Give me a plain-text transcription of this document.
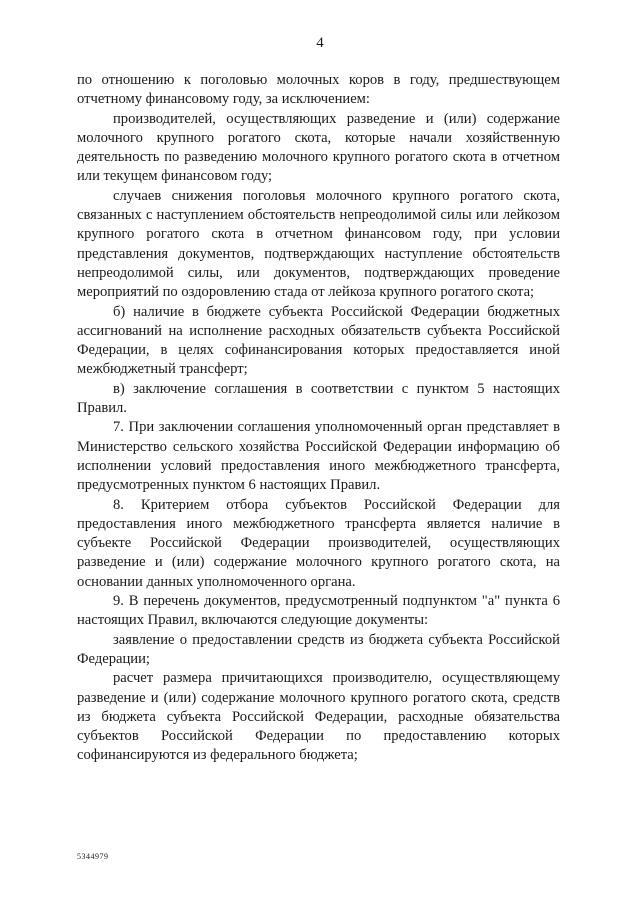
4

по отношению к поголовью молочных коров в году, предшествующем отчетному финансовому году, за исключением:

производителей, осуществляющих разведение и (или) содержание молочного крупного рогатого скота, которые начали хозяйственную деятельность по разведению молочного крупного рогатого скота в отчетном или текущем финансовом году;

случаев снижения поголовья молочного крупного рогатого скота, связанных с наступлением обстоятельств непреодолимой силы или лейкозом крупного рогатого скота в отчетном финансовом году, при условии представления документов, подтверждающих наступление обстоятельств непреодолимой силы, или документов, подтверждающих проведение мероприятий по оздоровлению стада от лейкоза крупного рогатого скота;

б) наличие в бюджете субъекта Российской Федерации бюджетных ассигнований на исполнение расходных обязательств субъекта Российской Федерации, в целях софинансирования которых предоставляется иной межбюджетный трансферт;

в) заключение соглашения в соответствии с пунктом 5 настоящих Правил.

7. При заключении соглашения уполномоченный орган представляет в Министерство сельского хозяйства Российской Федерации информацию об исполнении условий предоставления иного межбюджетного трансферта, предусмотренных пунктом 6 настоящих Правил.

8. Критерием отбора субъектов Российской Федерации для предоставления иного межбюджетного трансферта является наличие в субъекте Российской Федерации производителей, осуществляющих разведение и (или) содержание молочного крупного рогатого скота, на основании данных уполномоченного органа.

9. В перечень документов, предусмотренный подпунктом "а" пункта 6 настоящих Правил, включаются следующие документы:

заявление о предоставлении средств из бюджета субъекта Российской Федерации;

расчет размера причитающихся производителю, осуществляющему разведение и (или) содержание молочного крупного рогатого скота, средств из бюджета субъекта Российской Федерации, расходные обязательства субъектов Российской Федерации по предоставлению которых софинансируются из федерального бюджета;

5344979
